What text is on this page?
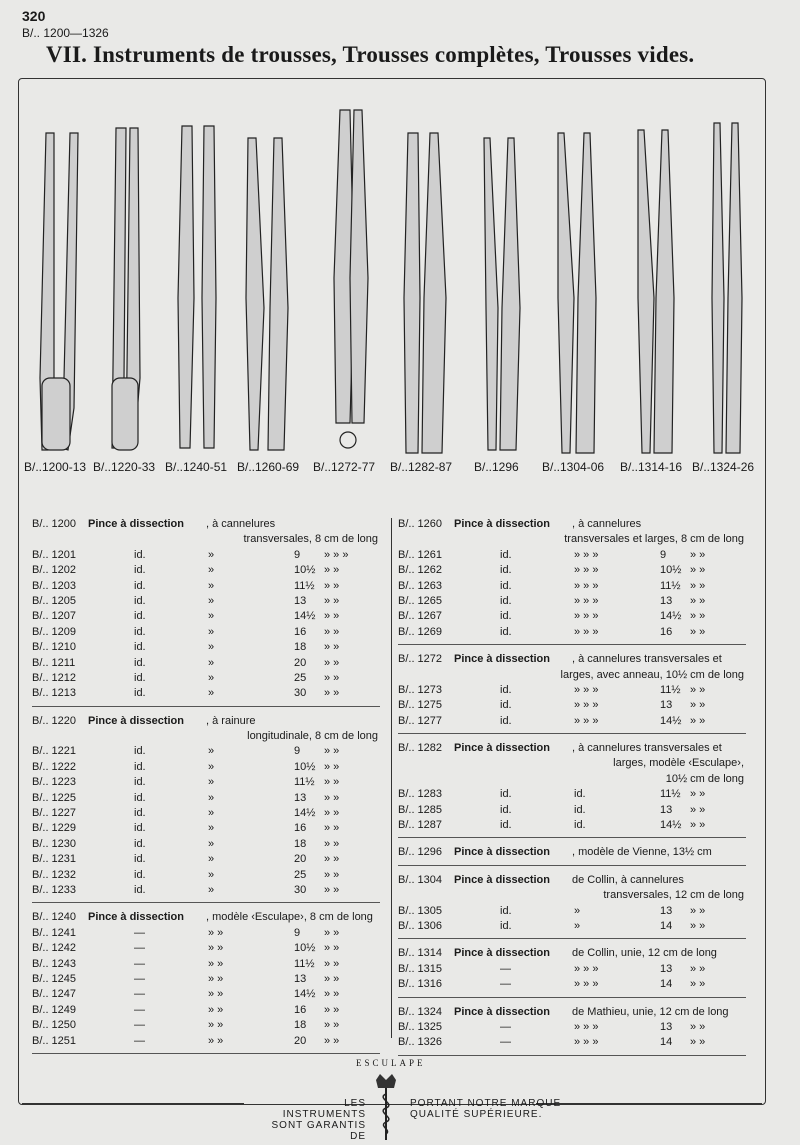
320
B/.. 1200—1326
VII. Instruments de trousses, Trousses complètes, Trousses vides.
B/..1200-13 B/..1220-33 B/..1240-51 B/..1260-69 B/..1272-77 B/..1282-87 B/..1296 B/..1304-06 B/..1314-16 B/..1324-26
B/.. 1200 Pince à dissection , à cannelures
transversales, 8 cm de long
B/.. 1201	id.	»	9 » » »
B/.. 1202	id.	»	10½ » »
B/.. 1203	id.	»	11½ » »
B/.. 1205	id.	»	13 » »
B/.. 1207	id.	»	14½ » »
B/.. 1209	id.	»	16 » »
B/.. 1210	id.	»	18 » »
B/.. 1211	id.	»	20 » »
B/.. 1212	id.	»	25 » »
B/.. 1213	id.	»	30 » »
B/.. 1220 Pince à dissection , à rainure
longitudinale, 8 cm de long
B/.. 1221	id.	»	9 » »
B/.. 1222	id.	»	10½ » »
B/.. 1223	id.	»	11½ » »
B/.. 1225	id.	»	13 » »
B/.. 1227	id.	»	14½ » »
B/.. 1229	id.	»	16 » »
B/.. 1230	id.	»	18 » »
B/.. 1231	id.	»	20 » »
B/.. 1232	id.	»	25 » »
B/.. 1233	id.	»	30 » »
B/.. 1240 Pince à dissection , modèle ‹Esculape›, 8 cm de long
B/.. 1241	—	» »	9 » »
B/.. 1242	—	» »	10½ » »
B/.. 1243	—	» »	11½ » »
B/.. 1245	—	» »	13 » »
B/.. 1247	—	» »	14½ » »
B/.. 1249	—	» »	16 » »
B/.. 1250	—	» »	18 » »
B/.. 1251	—	» »	20 » »
B/.. 1260 Pince à dissection , à cannelures
transversales et larges, 8 cm de long
B/.. 1261	id.	» » »	9 » »
B/.. 1262	id.	» » »	10½ » »
B/.. 1263	id.	» » »	11½ » »
B/.. 1265	id.	» » »	13 » »
B/.. 1267	id.	» » »	14½ » »
B/.. 1269	id.	» » »	16 » »
B/.. 1272 Pince à dissection , à cannelures transversales et
larges, avec anneau, 10½ cm de long
B/.. 1273	id.	» » »	11½ » »
B/.. 1275	id.	» » »	13 » »
B/.. 1277	id.	» » »	14½ » »
B/.. 1282 Pince à dissection , à cannelures transversales et
larges, modèle ‹Esculape›,
10½ cm de long
B/.. 1283	id.	id.	11½ » »
B/.. 1285	id.	id.	13 » »
B/.. 1287	id.	id.	14½ » »
B/.. 1296 Pince à dissection , modèle de Vienne, 13½ cm
B/.. 1304 Pince à dissection de Collin, à cannelures
transversales, 12 cm de long
B/.. 1305	id.	»	13 » »
B/.. 1306	id.	»	14 » »
B/.. 1314 Pince à dissection de Collin, unie, 12 cm de long
B/.. 1315	—	» » »	13 » »
B/.. 1316	—	» » »	14 » »
B/.. 1324 Pince à dissection de Mathieu, unie, 12 cm de long
B/.. 1325	—	» » »	13 » »
B/.. 1326	—	» » »	14 » »
ESCULAPE
LES INSTRUMENTS
SONT GARANTIS DE
PORTANT NOTRE MARQUE
QUALITÉ SUPÉRIEURE.
